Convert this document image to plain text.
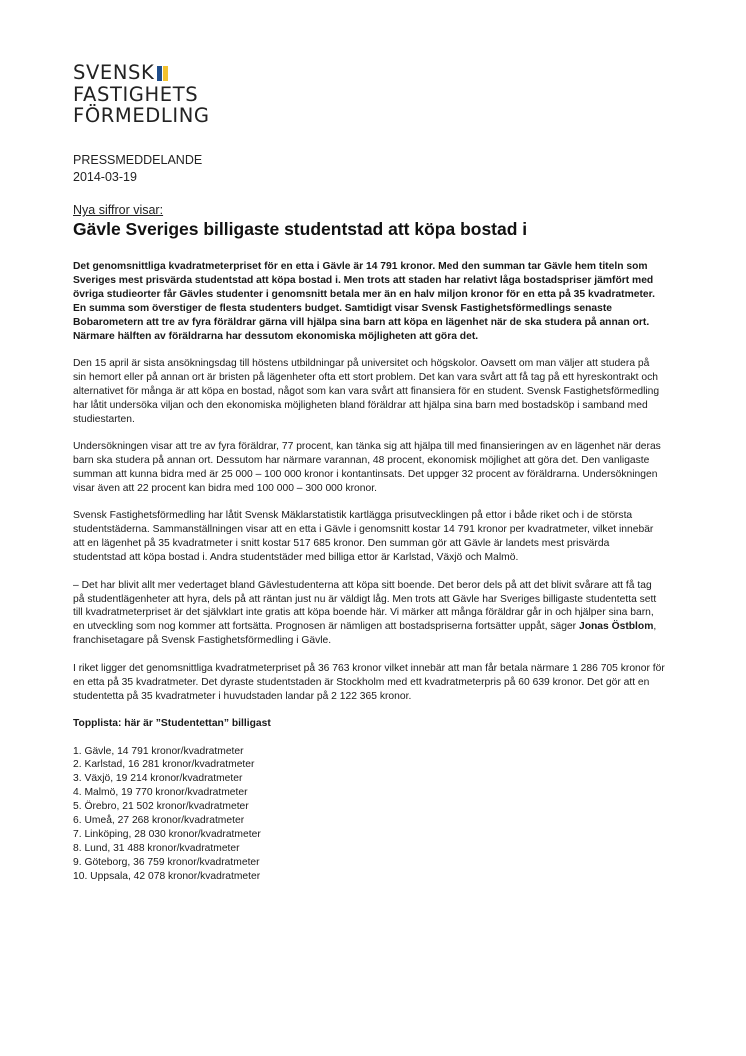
SVENSK
FASTIGHETS
FÖRMEDLING
PRESSMEDDELANDE
2014-03-19
Nya siffror visar:
Gävle Sveriges billigaste studentstad att köpa bostad i

Det genomsnittliga kvadratmeterpriset för en etta i Gävle är 14 791 kronor. Med den summan tar Gävle hem titeln som Sveriges mest prisvärda studentstad att köpa bostad i. Men trots att staden har relativt låga bostadspriser jämfört med övriga studieorter får Gävles studenter i genomsnitt betala mer än en halv miljon kronor för en etta på 35 kvadratmeter. En summa som överstiger de flesta studenters budget. Samtidigt visar Svensk Fastighetsförmedlings senaste Bobarometern att tre av fyra föräldrar gärna vill hjälpa sina barn att köpa en lägenhet när de ska studera på annan ort. Närmare hälften av föräldrarna har dessutom ekonomiska möjligheten att göra det.

Den 15 april är sista ansökningsdag till höstens utbildningar på universitet och högskolor. Oavsett om man väljer att studera på sin hemort eller på annan ort är bristen på lägenheter ofta ett stort problem. Det kan vara svårt att få tag på ett hyreskontrakt och alternativet för många är att köpa en bostad, något som kan vara svårt att finansiera för en student. Svensk Fastighetsförmedling har låtit undersöka viljan och den ekonomiska möjligheten bland föräldrar att hjälpa sina barn med bostadsköp i samband med studiestarten.

Undersökningen visar att tre av fyra föräldrar, 77 procent, kan tänka sig att hjälpa till med finansieringen av en lägenhet när deras barn ska studera på annan ort. Dessutom har närmare varannan, 48 procent, ekonomisk möjlighet att göra det. Den vanligaste summan att kunna bidra med är 25 000 – 100 000 kronor i kontantinsats. Det uppger 32 procent av föräldrarna. Undersökningen visar även att 22 procent kan bidra med 100 000 – 300 000 kronor.

Svensk Fastighetsförmedling har låtit Svensk Mäklarstatistik kartlägga prisutvecklingen på ettor i både riket och i de största studentstäderna. Sammanställningen visar att en etta i Gävle i genomsnitt kostar 14 791 kronor per kvadratmeter, vilket innebär att en lägenhet på 35 kvadratmeter i snitt kostar 517 685 kronor. Den summan gör att Gävle är landets mest prisvärda studentstad att köpa bostad i. Andra studentstäder med billiga ettor är Karlstad, Växjö och Malmö.

– Det har blivit allt mer vedertaget bland Gävlestudenterna att köpa sitt boende. Det beror dels på att det blivit svårare att få tag på studentlägenheter att hyra, dels på att räntan just nu är väldigt låg. Men trots att Gävle har Sveriges billigaste studentetta sett till kvadratmeterpriset är det självklart inte gratis att köpa boende här. Vi märker att många föräldrar går in och hjälper sina barn, en utveckling som nog kommer att fortsätta. Prognosen är nämligen att bostadspriserna fortsätter uppåt, säger Jonas Östblom, franchisetagare på Svensk Fastighetsförmedling i Gävle.

I riket ligger det genomsnittliga kvadratmeterpriset på 36 763 kronor vilket innebär att man får betala närmare 1 286 705 kronor för en etta på 35 kvadratmeter. Det dyraste studentstaden är Stockholm med ett kvadratmeterpris på 60 639 kronor. Det gör att en studentetta på 35 kvadratmeter i huvudstaden landar på 2 122 365 kronor.

Topplista: här är ”Studentettan” billigast

1. Gävle, 14 791 kronor/kvadratmeter
2. Karlstad, 16 281 kronor/kvadratmeter
3. Växjö, 19 214 kronor/kvadratmeter
4. Malmö, 19 770 kronor/kvadratmeter
5. Örebro, 21 502 kronor/kvadratmeter
6. Umeå, 27 268 kronor/kvadratmeter
7. Linköping, 28 030 kronor/kvadratmeter
8. Lund, 31 488 kronor/kvadratmeter
9. Göteborg, 36 759 kronor/kvadratmeter
10. Uppsala, 42 078 kronor/kvadratmeter
